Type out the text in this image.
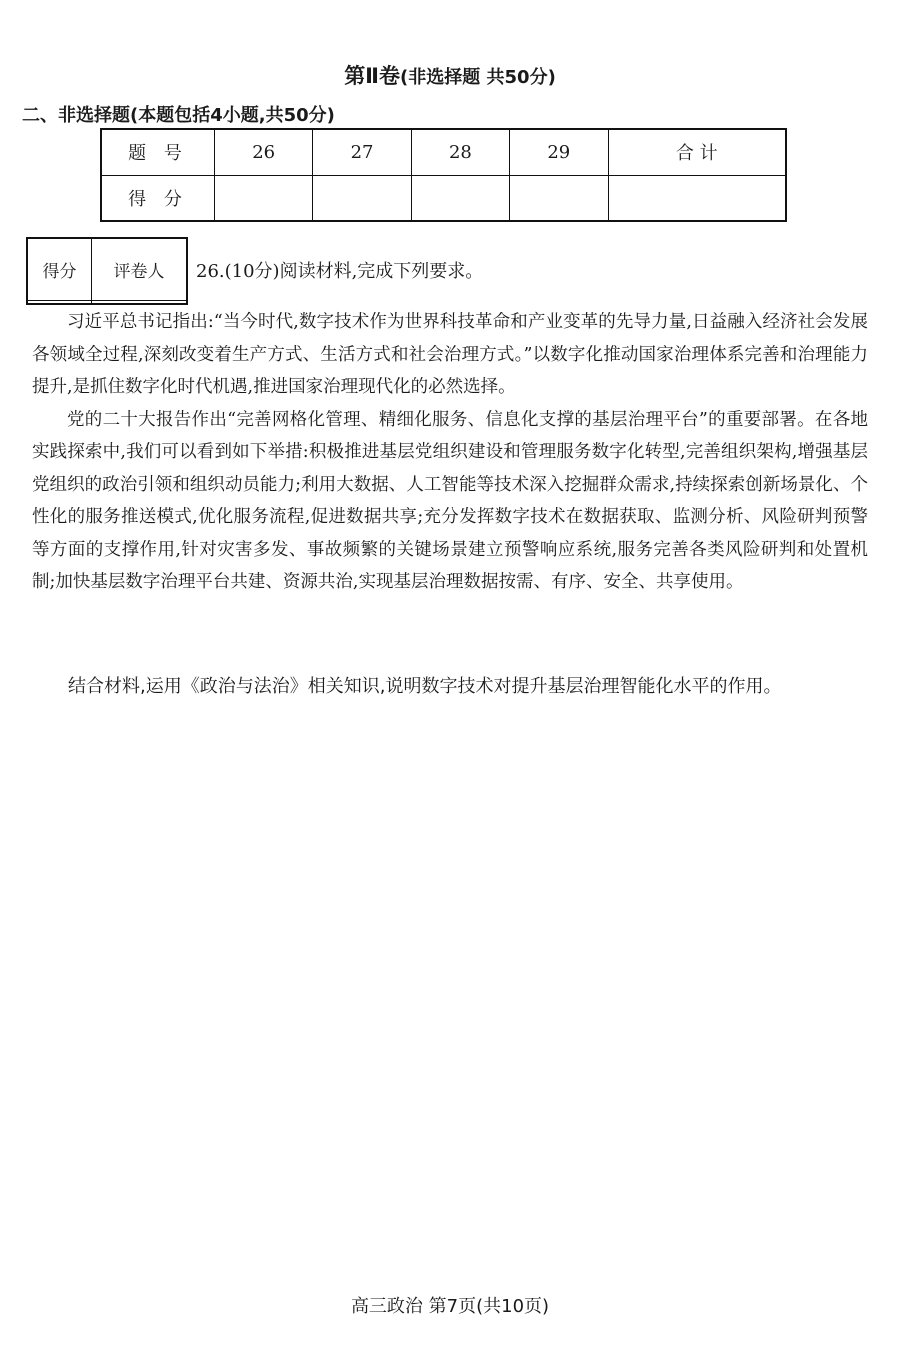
第Ⅱ卷(非选择题 共50分)
二、非选择题(本题包括4小题,共50分)
题 号	26	27	28	29	合 计
得 分					
得分	评卷人
	26.(10分)阅读材料,完成下列要求。

习近平总书记指出:“当今时代,数字技术作为世界科技革命和产业变革的先导力量,日益融入经济社会发展各领域全过程,深刻改变着生产方式、生活方式和社会治理方式。”以数字化推动国家治理体系完善和治理能力提升,是抓住数字化时代机遇,推进国家治理现代化的必然选择。

党的二十大报告作出“完善网格化管理、精细化服务、信息化支撑的基层治理平台”的重要部署。在各地实践探索中,我们可以看到如下举措:积极推进基层党组织建设和管理服务数字化转型,完善组织架构,增强基层党组织的政治引领和组织动员能力;利用大数据、人工智能等技术深入挖掘群众需求,持续探索创新场景化、个性化的服务推送模式,优化服务流程,促进数据共享;充分发挥数字技术在数据获取、监测分析、风险研判预警等方面的支撑作用,针对灾害多发、事故频繁的关键场景建立预警响应系统,服务完善各类风险研判和处置机制;加快基层数字治理平台共建、资源共治,实现基层治理数据按需、有序、安全、共享使用。

结合材料,运用《政治与法治》相关知识,说明数字技术对提升基层治理智能化水平的作用。
高三政治 第7页(共10页)
